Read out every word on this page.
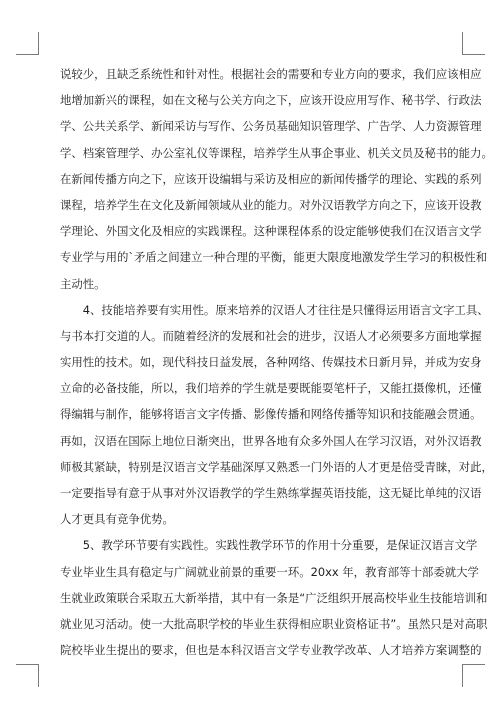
说较少，且缺乏系统性和针对性。根据社会的需要和专业方向的要求，我们应该相应
地增加新兴的课程，如在文秘与公关方向之下，应该开设应用写作、秘书学、行政法
学、公共关系学、新闻采访与写作、公务员基础知识管理学、广告学、人力资源管理
学、档案管理学、办公室礼仪等课程，培养学生从事企事业、机关文员及秘书的能力。
在新闻传播方向之下，应该开设编辑与采访及相应的新闻传播学的理论、实践的系列
课程，培养学生在文化及新闻领域从业的能力。对外汉语教学方向之下，应该开设教
学理论、外国文化及相应的实践课程。这种课程体系的设定能够使我们在汉语言文学
专业学与用的`矛盾之间建立一种合理的平衡，能更大限度地激发学生学习的积极性和
主动性。
　　4、技能培养要有实用性。原来培养的汉语人才往往是只懂得运用语言文字工具、
与书本打交道的人。而随着经济的发展和社会的进步，汉语人才必须要多方面地掌握
实用性的技术。如，现代科技日益发展，各种网络、传媒技术日新月异，并成为安身
立命的必备技能，所以，我们培养的学生就是要既能耍笔杆子，又能扛摄像机，还懂
得编辑与制作，能够将语言文字传播、影像传播和网络传播等知识和技能融会贯通。
再如，汉语在国际上地位日渐突出，世界各地有众多外国人在学习汉语，对外汉语教
师极其紧缺，特别是汉语言文学基础深厚又熟悉一门外语的人才更是倍受青睐，对此，
一定要指导有意于从事对外汉语教学的学生熟练掌握英语技能，这无疑比单纯的汉语
人才更具有竞争优势。
　　5、教学环节要有实践性。实践性教学环节的作用十分重要，是保证汉语言文学
专业毕业生具有稳定与广阔就业前景的重要一环。20xx 年，教育部等十部委就大学
生就业政策联合采取五大新举措，其中有一条是“广泛组织开展高校毕业生技能培训和
就业见习活动。使一大批高职学校的毕业生获得相应职业资格证书”。虽然只是对高职
院校毕业生提出的要求，但也是本科汉语言文学专业教学改革、人才培养方案调整的
